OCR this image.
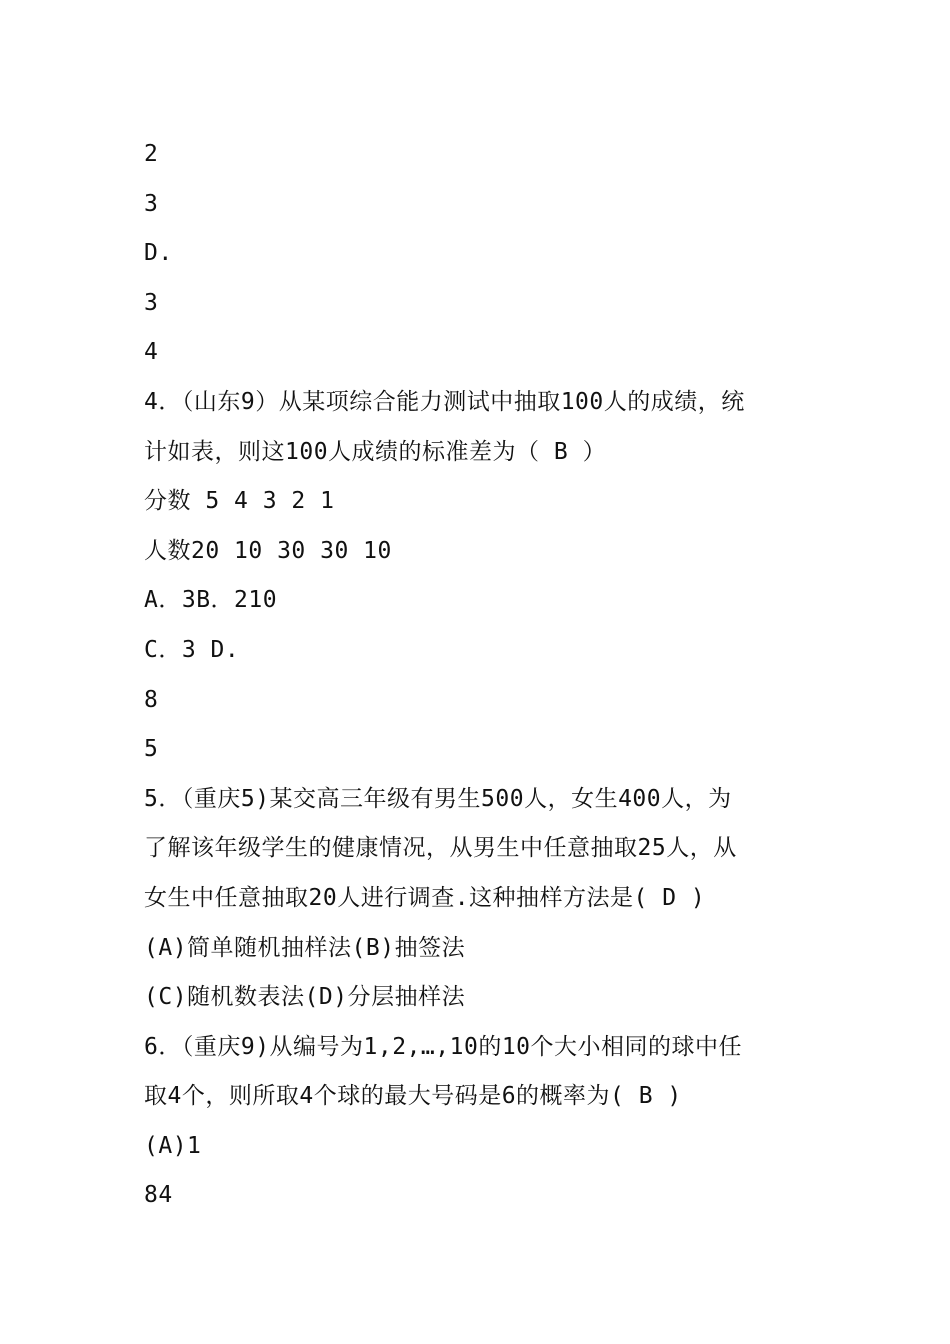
2
3
D.
3
4
4．（山东9）从某项综合能力测试中抽取100人的成绩，统
计如表，则这100人成绩的标准差为（ B ）
分数 5 4 3 2 1
人数20 10 30 30 10
A．3B．210
C．3 D.
8
5
5．（重庆5)某交高三年级有男生500人，女生400人，为
了解该年级学生的健康情况，从男生中任意抽取25人，从
女生中任意抽取20人进行调查.这种抽样方法是( D )
(A)简单随机抽样法(B)抽签法
(C)随机数表法(D)分层抽样法
6．（重庆9)从编号为1,2,…,10的10个大小相同的球中任
取4个，则所取4个球的最大号码是6的概率为( B )
(A)1
84
